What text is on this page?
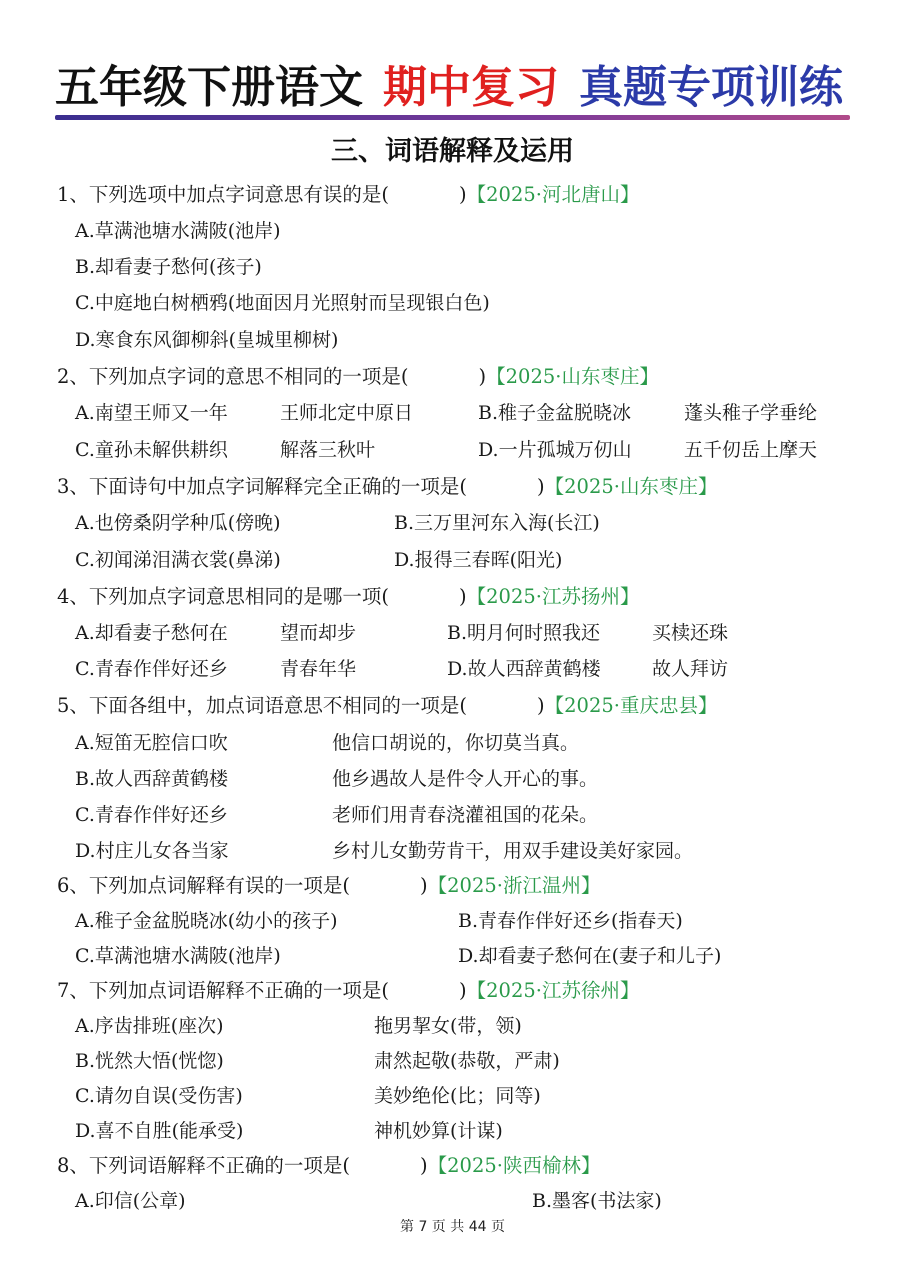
五年级下册语文 期中复习 真题专项训练
三、词语解释及运用
1、下列选项中加点字词意思有误的是(	)【2025·河北唐山】
A.草满池塘水满陂(池岸)
B.却看妻子愁何(孩子)
C.中庭地白树栖鸦(地面因月光照射而呈现银白色)
D.寒食东风御柳斜(皇城里柳树)
2、下列加点字词的意思不相同的一项是(	)【2025·山东枣庄】
A.南望王师又一年	王师北定中原日	B.稚子金盆脱晓冰	蓬头稚子学垂纶
C.童孙未解供耕织	解落三秋叶	D.一片孤城万仞山	五千仞岳上摩天
3、下面诗句中加点字词解释完全正确的一项是(	)【2025·山东枣庄】
A.也傍桑阴学种瓜(傍晚)	B.三万里河东入海(长江)
C.初闻涕泪满衣裳(鼻涕)	D.报得三春晖(阳光)
4、下列加点字词意思相同的是哪一项(	)【2025·江苏扬州】
A.却看妻子愁何在	望而却步	B.明月何时照我还	买椟还珠
C.青春作伴好还乡	青春年华	D.故人西辞黄鹤楼	故人拜访
5、下面各组中，加点词语意思不相同的一项是(	)【2025·重庆忠县】
A.短笛无腔信口吹	他信口胡说的，你切莫当真。
B.故人西辞黄鹤楼	他乡遇故人是件令人开心的事。
C.青春作伴好还乡	老师们用青春浇灌祖国的花朵。
D.村庄儿女各当家	乡村儿女勤劳肯干，用双手建设美好家园。
6、下列加点词解释有误的一项是(	)【2025·浙江温州】
A.稚子金盆脱晓冰(幼小的孩子)	B.青春作伴好还乡(指春天)
C.草满池塘水满陂(池岸)	D.却看妻子愁何在(妻子和儿子)
7、下列加点词语解释不正确的一项是(	)【2025·江苏徐州】
A.序齿排班(座次)	拖男挈女(带，领)
B.恍然大悟(恍惚)	肃然起敬(恭敬，严肃)
C.请勿自误(受伤害)	美妙绝伦(比；同等)
D.喜不自胜(能承受)	神机妙算(计谋)
8、下列词语解释不正确的一项是(	)【2025·陕西榆林】
A.印信(公章)	B.墨客(书法家)
第 7 页 共 44 页
